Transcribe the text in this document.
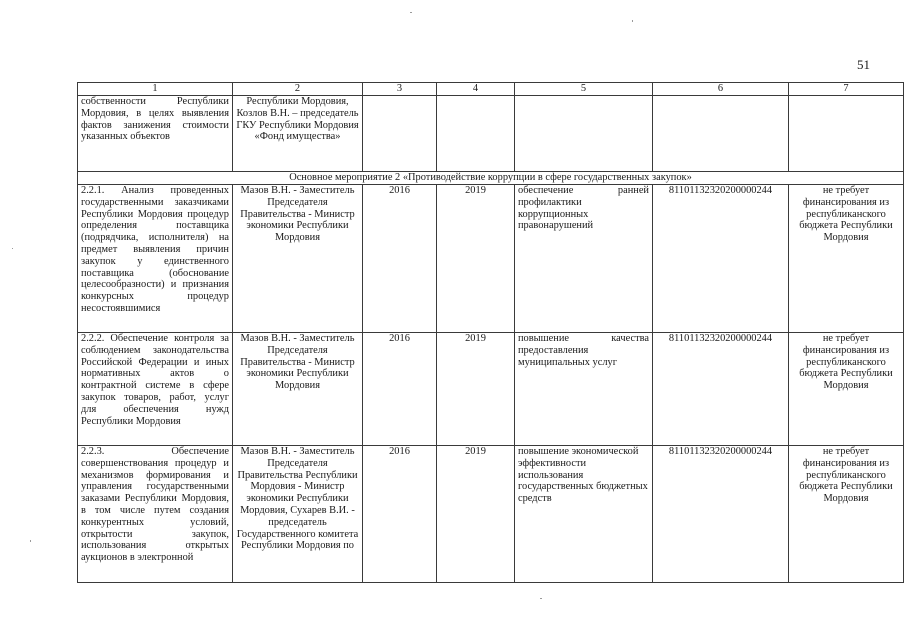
51
1	2	3	4	5	6	7
собственности Республики Мордовия, в целях выявления фактов занижения стоимости указанных объектов	Республики Мордовия, Козлов В.Н. – председатель ГКУ Республики Мордовия «Фонд имущества»					
Основное мероприятие 2 «Противодействие коррупции в сфере государственных закупок»						
2.2.1. Анализ проведенных государственными заказчиками Республики Мордовия процедур определения поставщика (подрядчика, исполнителя) на предмет выявления причин закупок у единственного поставщика (обоснование целесообразности) и признания конкурсных процедур несостоявшимися	Мазов В.Н. - Заместитель Председателя Правительства - Министр экономики Республики Мордовия	2016	2019	обеспечение ранней профилактики коррупционных правонарушений	81101132320200000244	не требует финансирования из республиканского бюджета Республики Мордовия
2.2.2. Обеспечение контроля за соблюдением законодательства Российской Федерации и иных нормативных актов о контрактной системе в сфере закупок товаров, работ, услуг для обеспечения нужд Республики Мордовия	Мазов В.Н. - Заместитель Председателя Правительства - Министр экономики Республики Мордовия	2016	2019	повышение качества предоставления муниципальных услуг	81101132320200000244	не требует финансирования из республиканского бюджета Республики Мордовия
2.2.3. Обеспечение совершенствования процедур и механизмов формирования и управления государственными заказами Республики Мордовия, в том числе путем создания конкурентных условий, открытости закупок, использования открытых аукционов в электронной	Мазов В.Н. - Заместитель Председателя Правительства Республики Мордовия - Министр экономики Республики Мордовия, Сухарев В.И. - председатель Государственного комитета Республики Мордовия по	2016	2019	повышение экономической эффективности использования государственных бюджетных средств	81101132320200000244	не требует финансирования из республиканского бюджета Республики Мордовия
